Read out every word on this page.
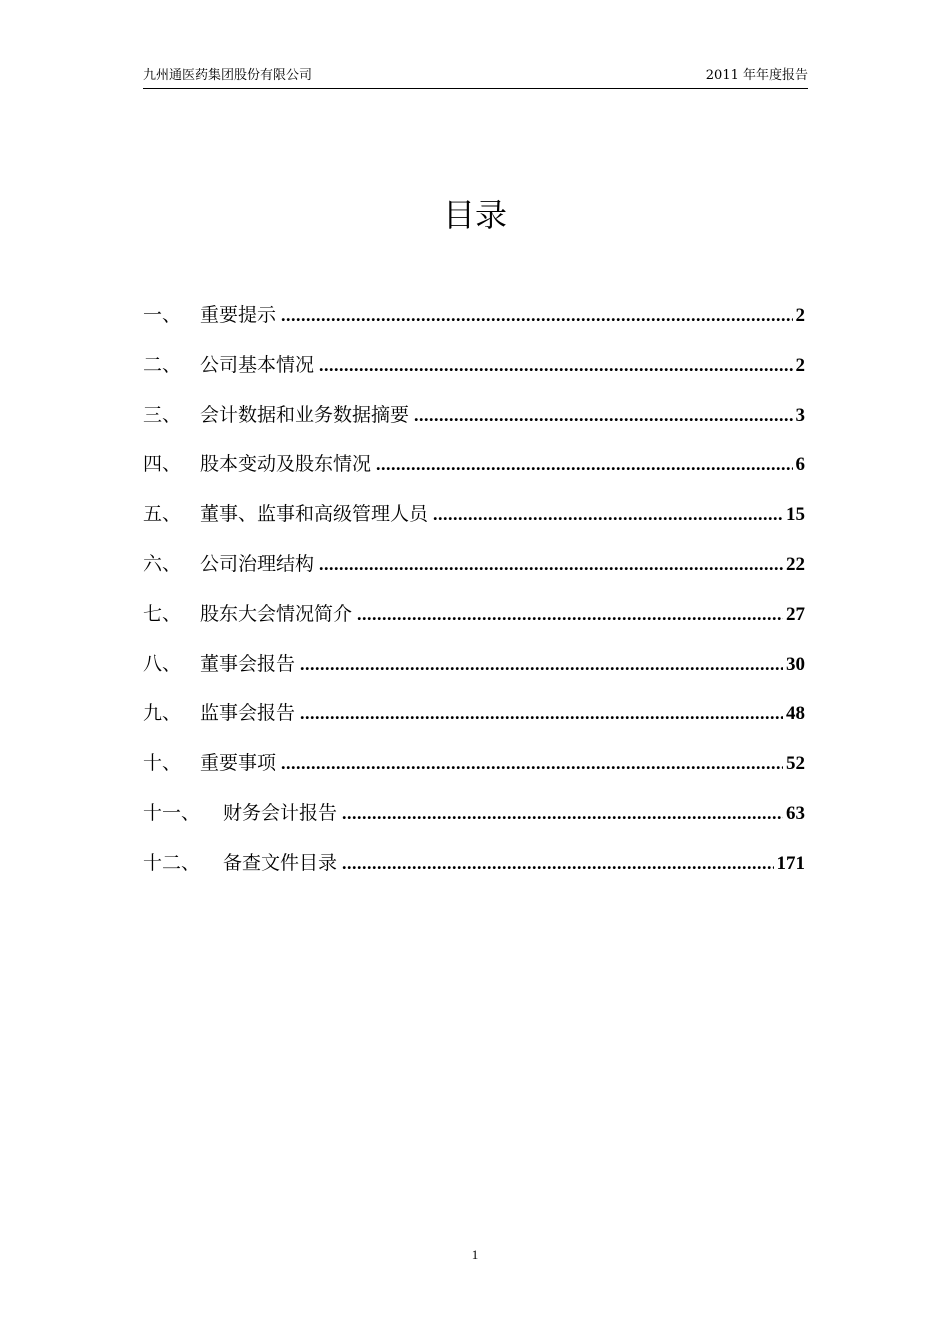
九州通医药集团股份有限公司	2011 年年度报告
目录
一、 重要提示 .....	2
二、 公司基本情况 .....	2
三、 会计数据和业务数据摘要 .....	3
四、 股本变动及股东情况 .....	6
五、 董事、监事和高级管理人员 .....	15
六、 公司治理结构 .....	22
七、 股东大会情况简介 .....	27
八、 董事会报告 .....	30
九、 监事会报告 .....	48
十、 重要事项 .....	52
十一、	财务会计报告 .....	63
十二、	备查文件目录 .....	171
1
